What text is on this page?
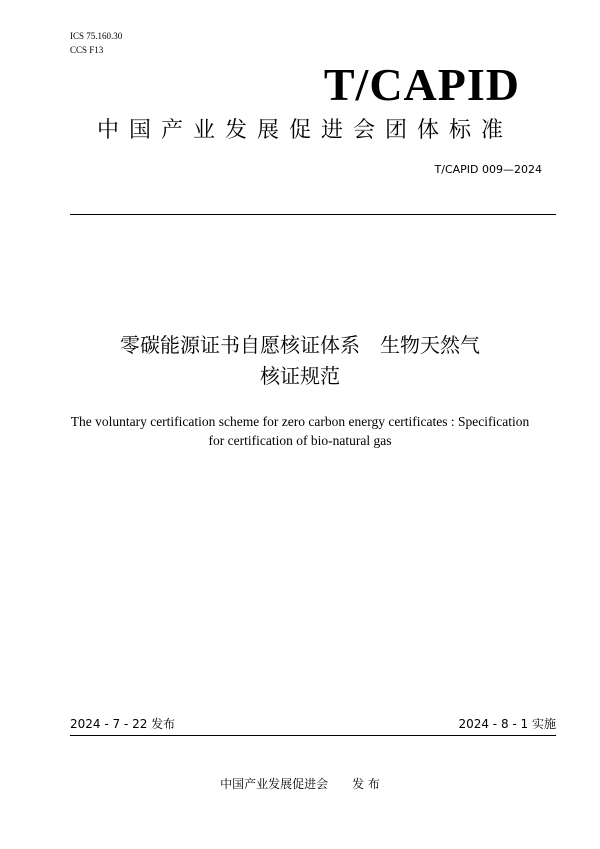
ICS 75.160.30
CCS F13
T/CAPID
中国产业发展促进会团体标准
T/CAPID 009—2024
零碳能源证书自愿核证体系　生物天然气
核证规范
The voluntary certification scheme for zero carbon energy certificates : Specification
for certification of bio-natural gas
2024 - 7 - 22 发布	2024 - 8 - 1 实施
中国产业发展促进会　　发 布
